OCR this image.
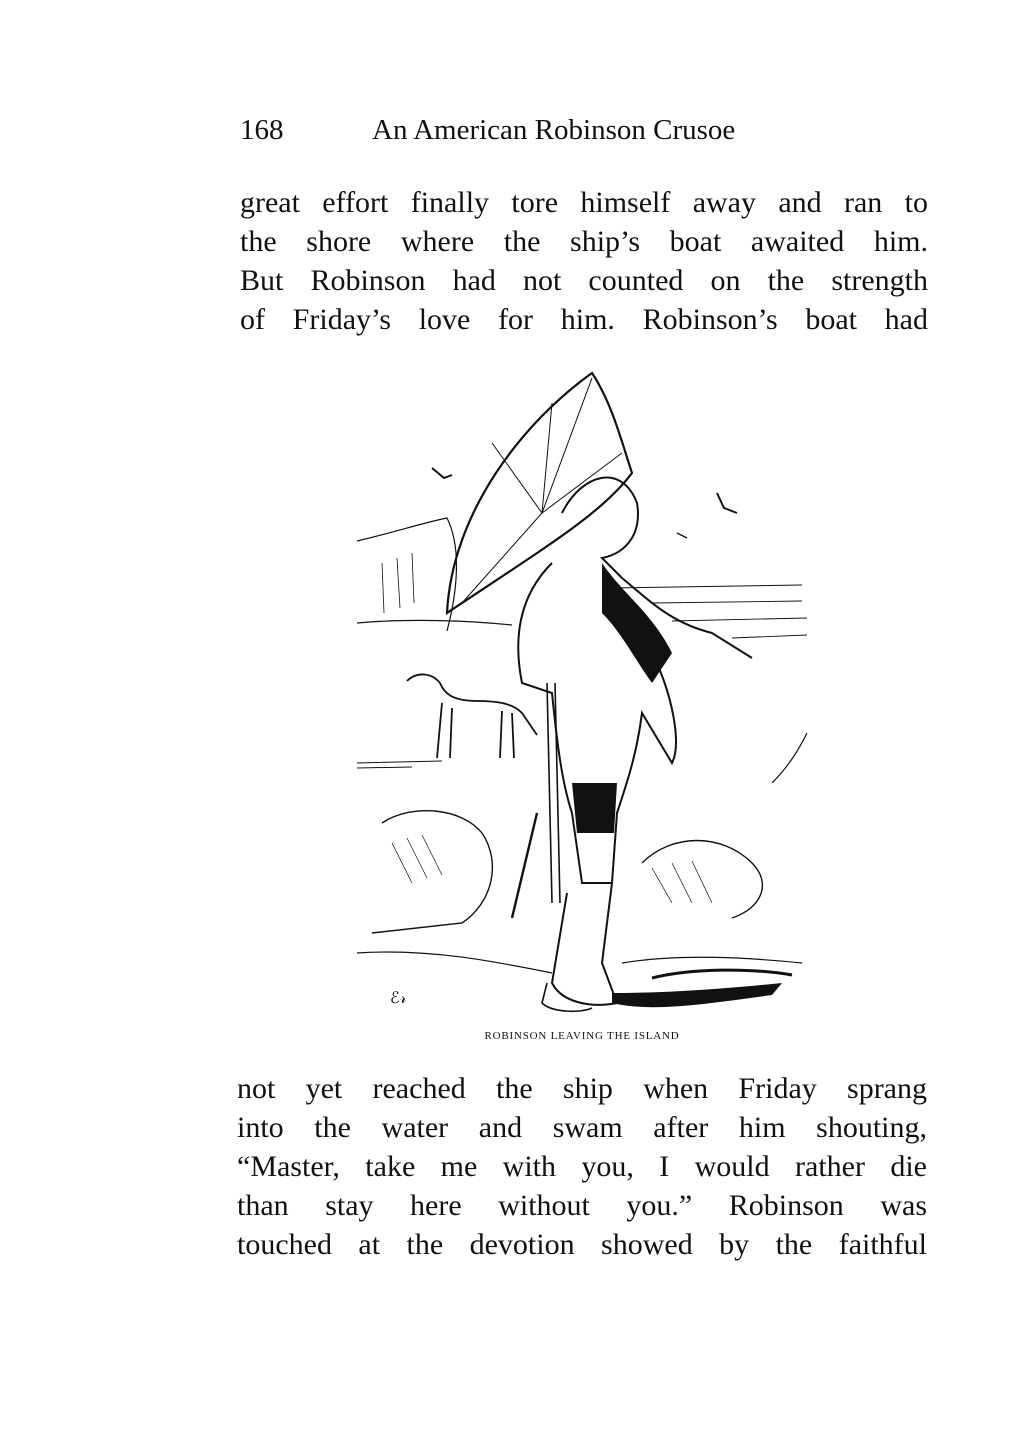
168	An American Robinson Crusoe
great effort finally tore himself away and ran to
the shore where the ship’s boat awaited him.
But Robinson had not counted on the strength
of Friday’s love for him. Robinson’s boat had
ℰ𝓇
ROBINSON LEAVING THE ISLAND
not yet reached the ship when Friday sprang
into the water and swam after him shouting,
“Master, take me with you, I would rather die
than stay here without you.” Robinson was
touched at the devotion showed by the faithful
